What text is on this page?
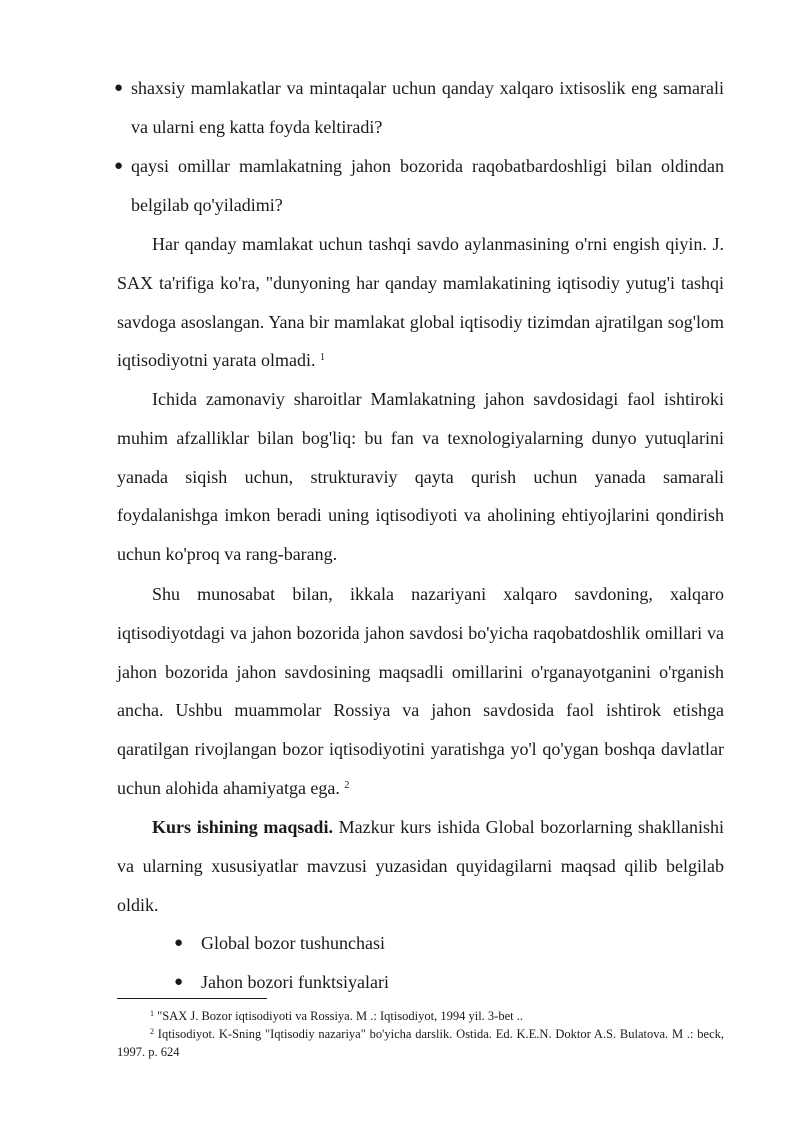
● shaxsiy mamlakatlar va mintaqalar uchun qanday xalqaro ixtisoslik eng samarali va ularni eng katta foyda keltiradi?
● qaysi omillar mamlakatning jahon bozorida raqobatbardoshligi bilan oldindan belgilab qo'yiladimi?
Har qanday mamlakat uchun tashqi savdo aylanmasining o'rni engish qiyin. J. SAX ta'rifiga ko'ra, "dunyoning har qanday mamlakatining iqtisodiy yutug'i tashqi savdoga asoslangan. Yana bir mamlakat global iqtisodiy tizimdan ajratilgan sog'lom iqtisodiyotni yarata olmadi. $^1$
Ichida zamonaviy sharoitlar Mamlakatning jahon savdosidagi faol ishtiroki muhim afzalliklar bilan bog'liq: bu fan va texnologiyalarning dunyo yutuqlarini yanada siqish uchun, strukturaviy qayta qurish uchun yanada samarali foydalanishga imkon beradi uning iqtisodiyoti va aholining ehtiyojlarini qondirish uchun ko'proq va rang-barang.
Shu munosabat bilan, ikkala nazariyani xalqaro savdoning, xalqaro iqtisodiyotdagi va jahon bozorida jahon savdosi bo'yicha raqobatdoshlik omillari va jahon bozorida jahon savdosining maqsadli omillarini o'rganayotganini o'rganish ancha. Ushbu muammolar Rossiya va jahon savdosida faol ishtirok etishga qaratilgan rivojlangan bozor iqtisodiyotini yaratishga yo'l qo'ygan boshqa davlatlar uchun alohida ahamiyatga ega. $^2$
Kurs ishining maqsadi. Mazkur kurs ishida Global bozorlarning shakllanishi va ularning xususiyatlar mavzusi yuzasidan quyidagilarni maqsad qilib belgilab oldik.
● Global bozor tushunchasi
● Jahon bozori funktsiyalari
$^1$ "SAX J. Bozor iqtisodiyoti va Rossiya. M .: Iqtisodiyot, 1994 yil. 3-bet ..
$^2$ Iqtisodiyot. K-Sning "Iqtisodiy nazariya" bo'yicha darslik. Ostida. Ed. K.E.N. Doktor A.S. Bulatova. M .: beck, 1997. p. 624
